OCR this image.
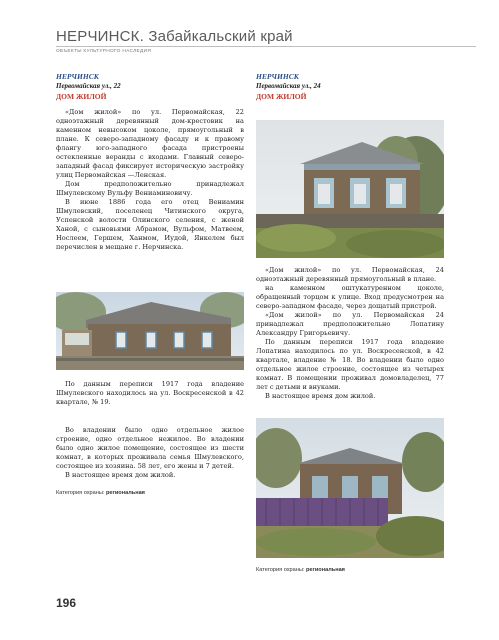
НЕРЧИНСК. Забайкальский край
ОБЪЕКТЫ КУЛЬТУРНОГО НАСЛЕДИЯ
НЕРЧИНСК
Первомайская ул., 22
ДОМ ЖИЛОЙ

«Дом жилой» по ул. Первомайская, 22 одноэтажный деревянный дом-крестовик на каменном невысоком цоколе, прямоугольный в плане. К северо-западному фасаду и к правому флангу юго-западного фасада пристроены остекленные веранды с входами. Главный северо-западный фасад фиксирует историческую застройку улиц Первомайская —Ленская.

Дом предположительно принадлежал Шмулевскому Вульфу Вениаминовичу.

В июне 1886 года его отец Вениамин Шмулевский, поселенец Читинского округа, Успенской волости Олинского селения, с женой Ханой, с сыновьями Абрамом, Вульфом, Матвеем, Нослеем, Гершем, Ханмом, Иудой, Янкелем был перечислен в мещане г. Нерчинска.

По данным переписи 1917 года владение Шмулевского находилось на ул. Воскресенской в 42 квартале, № 19.

Во владении было одно отдельное жилое строение, одно отдельное нежилое. Во владении было одно жилое помещение, состоящее из шести комнат, в которых проживала семья Шмулевского, состоящее из хозяина. 58 лет, его жены и 7 детей.

В настоящее время дом жилой.

Категория охраны: региональная
НЕРЧИНСК
Первомайская ул., 24
ДОМ ЖИЛОЙ

«Дом жилой» по ул. Первомайская, 24 одноэтажный деревянный прямоугольный в плане.

на каменном оштукатуренном цоколе, обращенный торцом к улице. Вход предусмотрен на северо-западном фасаде, через дощатый пристрой.

«Дом жилой» по ул. Первомайская 24 принадлежал предположительно Лопатину Александру Григорьевичу.

По данным переписи 1917 года владение Лопатина находилось по ул. Воскресенской, в 42 квартале, владение № 18. Во владении было одно отдельное жилое строение, состоящее из четырех комнат. В помещении проживал домовладелец, 77 лет с детьми и внуками.

В настоящее время дом жилой.

Категория охраны: региональная
196
